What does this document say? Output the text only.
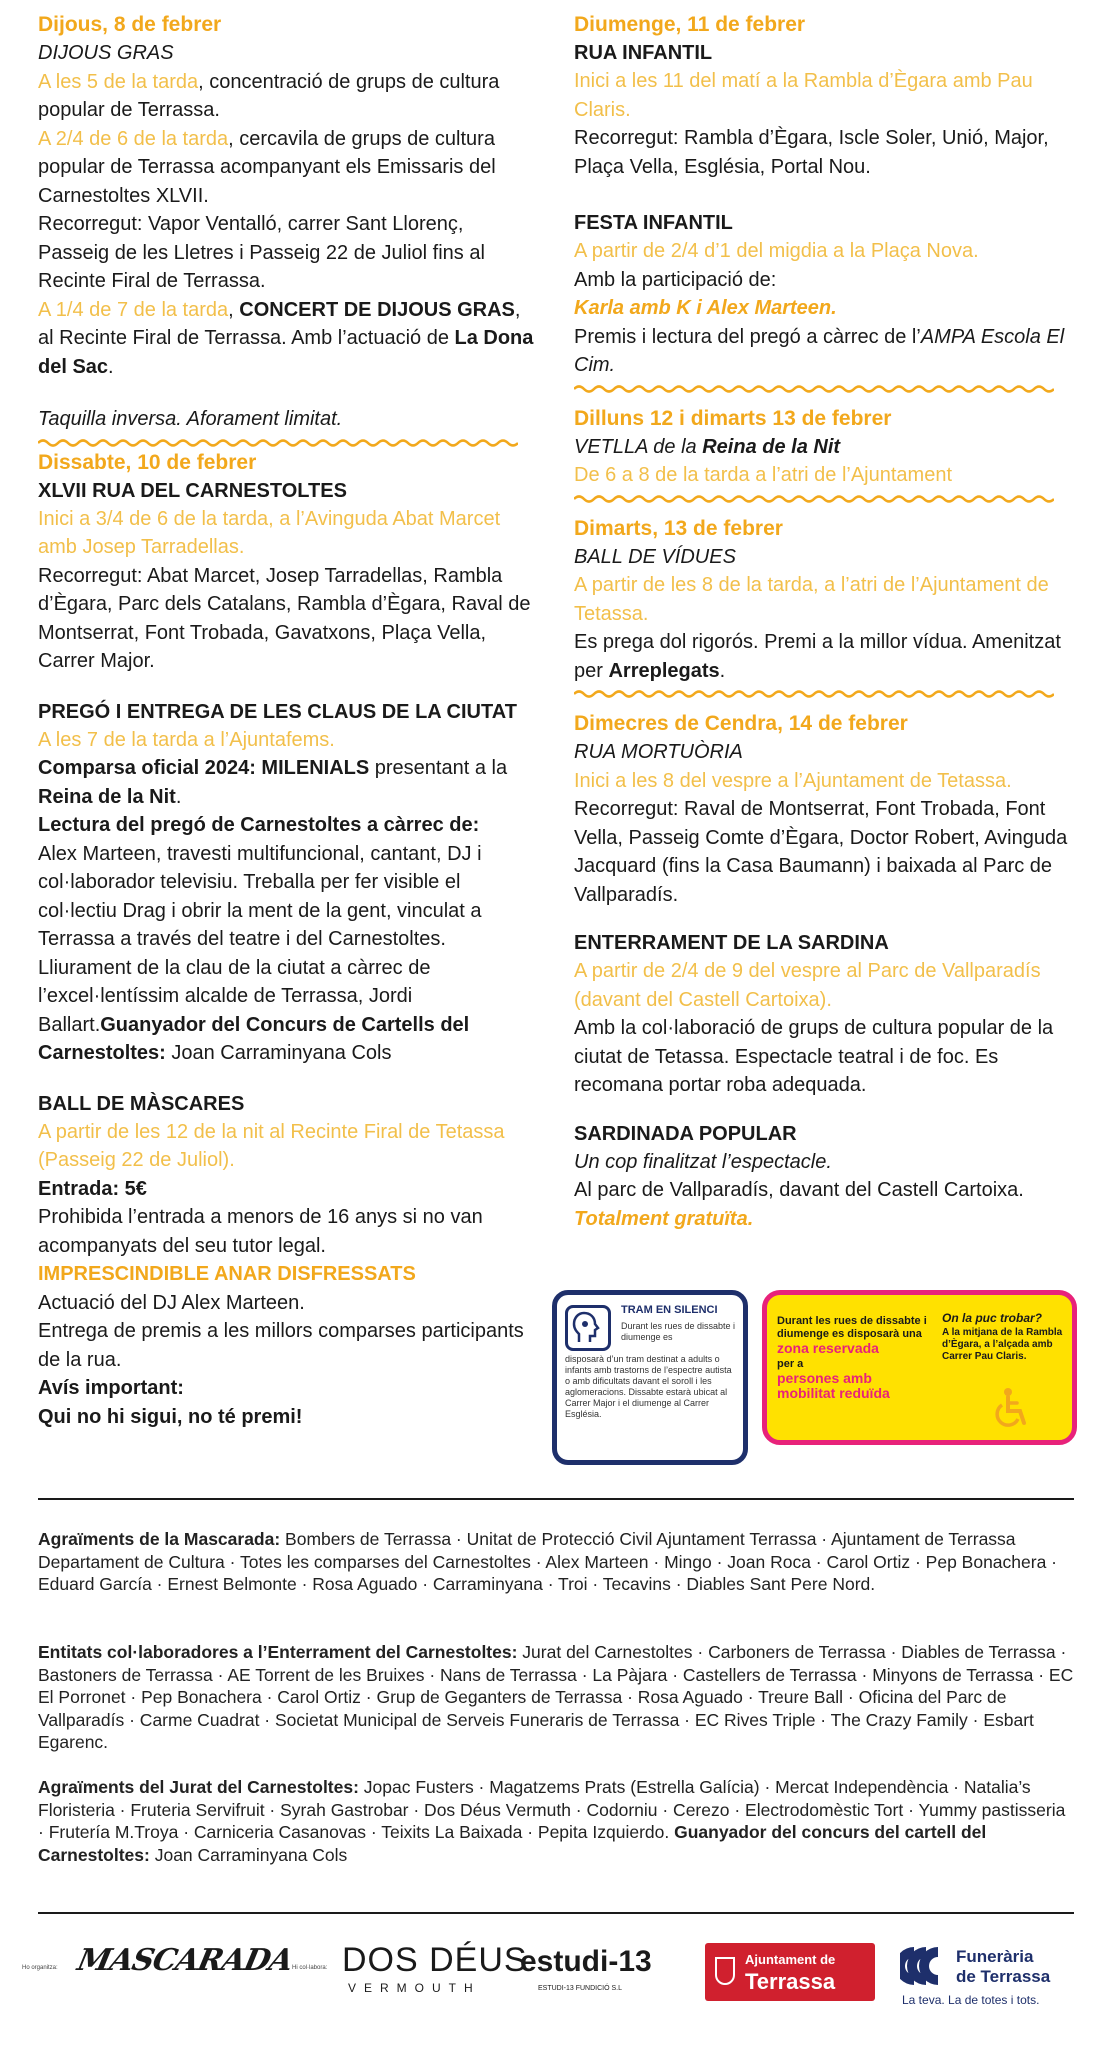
Dijous, 8 de febrer
DIJOUS GRAS
A les 5 de la tarda, concentració de grups de cultura popular de Terrassa.
A 2/4 de 6 de la tarda, cercavila de grups de cultura popular de Terrassa acompanyant els Emissaris del Carnestoltes XLVII.
Recorregut: Vapor Ventalló, carrer Sant Llorenç, Passeig de les Lletres i Passeig 22 de Juliol fins al Recinte Firal de Terrassa.
A 1/4 de 7 de la tarda, CONCERT DE DIJOUS GRAS, al Recinte Firal de Terrassa. Amb l’actuació de La Dona del Sac.
Taquilla inversa. Aforament limitat.
Dissabte, 10 de febrer
XLVII RUA DEL CARNESTOLTES
Inici a 3/4 de 6 de la tarda, a l’Avinguda Abat Marcet amb Josep Tarradellas.
Recorregut: Abat Marcet, Josep Tarradellas, Rambla d’Ègara, Parc dels Catalans, Rambla d’Ègara, Raval de Montserrat, Font Trobada, Gavatxons, Plaça Vella, Carrer Major.
PREGÓ I ENTREGA DE LES CLAUS DE LA CIUTAT
A les 7 de la tarda a l’Ajuntafems.
Comparsa oficial 2024: MILENIALS presentant a la Reina de la Nit.
Lectura del pregó de Carnestoltes a càrrec de:
Alex Marteen, travesti multifuncional, cantant, DJ i col·laborador televisiu. Treballa per fer visible el col·lectiu Drag i obrir la ment de la gent, vinculat a Terrassa a través del teatre i del Carnestoltes. Lliurament de la clau de la ciutat a càrrec de l’excel·lentíssim alcalde de Terrassa, Jordi Ballart.Guanyador del Concurs de Cartells del Carnestoltes: Joan Carraminyana Cols
BALL DE MÀSCARES
A partir de les 12 de la nit al Recinte Firal de Tetassa (Passeig 22 de Juliol).
Entrada: 5€
Prohibida l’entrada a menors de 16 anys si no van acompanyats del seu tutor legal.
IMPRESCINDIBLE ANAR DISFRESSATS
Actuació del DJ Alex Marteen.
Entrega de premis a les millors comparses participants de la rua.
Avís important:
Qui no hi sigui, no té premi!
Diumenge, 11 de febrer
RUA INFANTIL
Inici a les 11 del matí a la Rambla d’Ègara amb Pau Claris.
Recorregut: Rambla d’Ègara, Iscle Soler, Unió, Major, Plaça Vella, Església, Portal Nou.
FESTA INFANTIL
A partir de 2/4 d’1 del migdia a la Plaça Nova.
Amb la participació de:
Karla amb K i Alex Marteen.
Premis i lectura del pregó a càrrec de l’AMPA Escola El Cim.
Dilluns 12 i dimarts 13 de febrer
VETLLA de la Reina de la Nit
De 6 a 8 de la tarda a l’atri de l’Ajuntament
Dimarts, 13 de febrer
BALL DE VÍDUES
A partir de les 8 de la tarda, a l’atri de l’Ajuntament de Tetassa.
Es prega dol rigorós. Premi a la millor vídua. Amenitzat per Arreplegats.
Dimecres de Cendra, 14 de febrer
RUA MORTUÒRIA
Inici a les 8 del vespre a l’Ajuntament de Tetassa.
Recorregut: Raval de Montserrat, Font Trobada, Font Vella, Passeig Comte d’Ègara, Doctor Robert, Avinguda Jacquard (fins la Casa Baumann) i baixada al Parc de Vallparadís.
ENTERRAMENT DE LA SARDINA
A partir de 2/4 de 9 del vespre al Parc de Vallparadís (davant del Castell Cartoixa).
Amb la col·laboració de grups de cultura popular de la ciutat de Tetassa. Espectacle teatral i de foc. Es recomana portar roba adequada.
SARDINADA POPULAR
Un cop finalitzat l’espectacle.
Al parc de Vallparadís, davant del Castell Cartoixa.
Totalment gratuïta.
TRAM EN SILENCI
Durant les rues de dissabte i diumenge es
disposarà d’un tram destinat a adults o infants amb trastorns de l’espectre autista o amb dificultats davant el soroll i les aglomeracions. Dissabte estarà ubicat al Carrer Major i el diumenge al Carrer Església.
Durant les rues de dissabte i diumenge es disposarà una
zona reservada
per a
persones amb mobilitat reduïda
On la puc trobar?
A la mitjana de la Rambla d’Ègara, a l’alçada amb Carrer Pau Claris.
Agraïments de la Mascarada: Bombers de Terrassa · Unitat de Protecció Civil Ajuntament Terrassa · Ajuntament de Terrassa Departament de Cultura · Totes les comparses del Carnestoltes · Alex Marteen · Mingo · Joan Roca · Carol Ortiz · Pep Bonachera · Eduard García · Ernest Belmonte · Rosa Aguado · Carraminyana · Troi · Tecavins · Diables Sant Pere Nord.
Entitats col·laboradores a l’Enterrament del Carnestoltes: Jurat del Carnestoltes · Carboners de Terrassa · Diables de Terrassa · Bastoners de Terrassa · AE Torrent de les Bruixes · Nans de Terrassa · La Pàjara · Castellers de Terrassa · Minyons de Terrassa · EC El Porronet · Pep Bonachera · Carol Ortiz · Grup de Geganters de Terrassa · Rosa Aguado · Treure Ball · Oficina del Parc de Vallparadís · Carme Cuadrat · Societat Municipal de Serveis Funeraris de Terrassa · EC Rives Triple · The Crazy Family · Esbart Egarenc.
Agraïments del Jurat del Carnestoltes: Jopac Fusters · Magatzems Prats (Estrella Galícia) · Mercat Independència · Natalia’s Floristeria · Fruteria Servifruit · Syrah Gastrobar · Dos Déus Vermuth · Codorniu · Cerezo · Electrodomèstic Tort · Yummy pastisseria · Frutería M.Troya · Carniceria Casanovas · Teixits La Baixada · Pepita Izquierdo. Guanyador del concurs del cartell del Carnestoltes: Joan Carraminyana Cols
Ho organitza: MASCARADA
Hi col·labora: DOS DÉUS
VERMOUTH
estudi-13
ESTUDI-13 FUNDICIÓ S.L
Ajuntament de
Terrassa
Funerària
de Terrassa
La teva. La de totes i tots.
